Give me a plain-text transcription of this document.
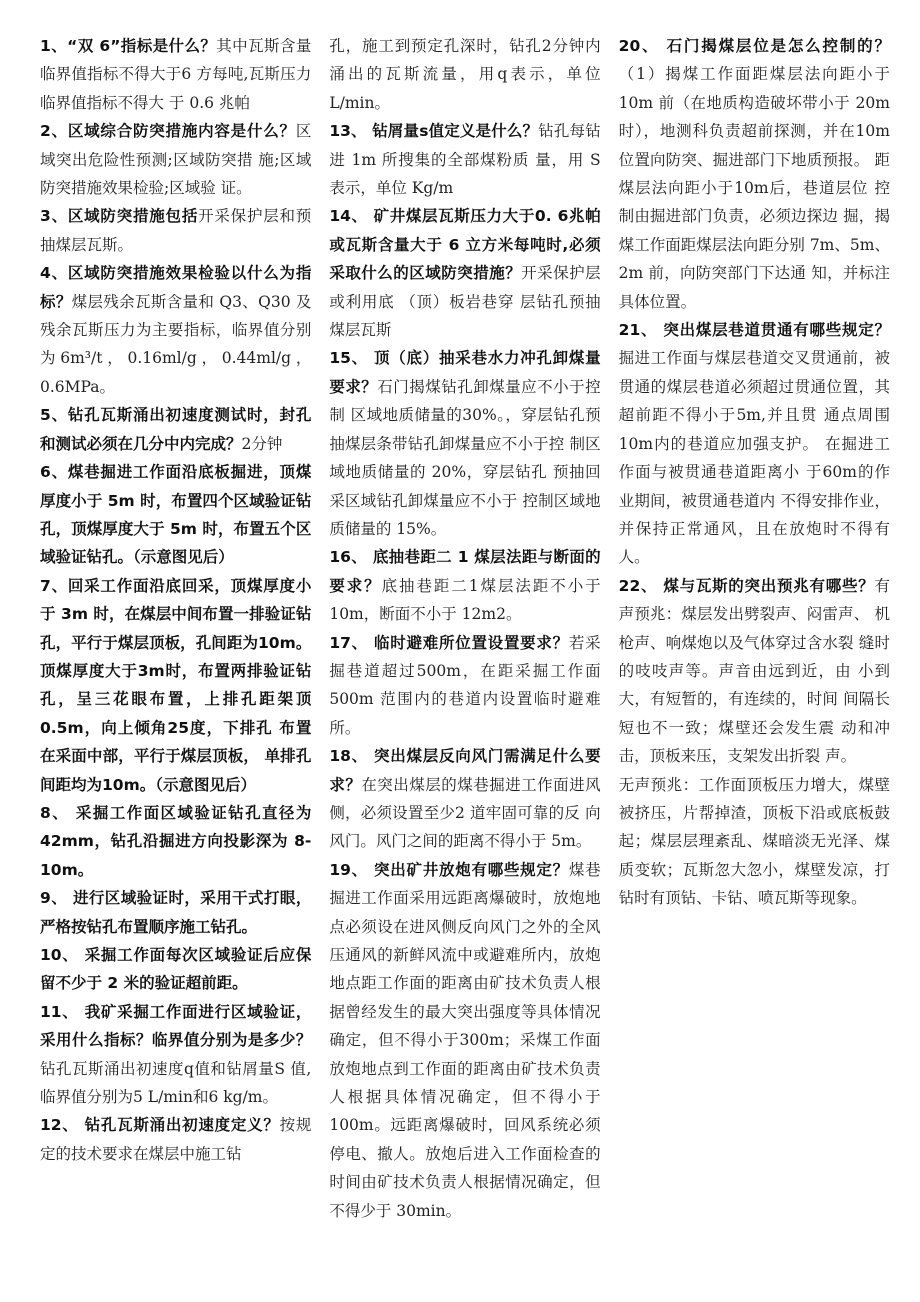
1、“双 6”指标是什么？其中瓦斯含量临界值指标不得大于6 方每吨,瓦斯压力临界值指标不得大 于 0.6 兆帕
2、区域综合防突措施内容是什么？区域突出危险性预测;区域防突措 施;区域防突措施效果检验;区域验 证。
3、区域防突措施包括开采保护层和预抽煤层瓦斯。
4、区域防突措施效果检验以什么为指标？煤层残余瓦斯含量和 Q3、Q30 及残余瓦斯压力为主要指标，临界值分别为6m³/t，0.16ml/g，0.44ml/g，0.6MPa。
5、钻孔瓦斯涌出初速度测试时，封孔和测试必须在几分中内完成？2分钟
6、煤巷掘进工作面沿底板掘进，顶煤厚度小于 5m 时，布置四个区域验证钻孔，顶煤厚度大于 5m 时，布置五个区域验证钻孔。（示意图见后）
7、回采工作面沿底回采，顶煤厚度小于 3m 时，在煤层中间布置一排验证钻孔，平行于煤层顶板，孔间距为10m。顶煤厚度大于3m时，布置两排验证钻孔，呈三花眼布置，上排孔距架顶0.5m，向上倾角25度，下排孔 布置在采面中部，平行于煤层顶板， 单排孔间距均为10m。（示意图见后）
8、 采掘工作面区域验证钻孔直径为42mm，钻孔沿掘进方向投影深为 8-10m。
9、 进行区域验证时，采用干式打眼，严格按钻孔布置顺序施工钻孔。
10、 采掘工作面每次区域验证后应保 留不少于 2 米的验证超前距。
11、 我矿采掘工作面进行区域验证，采用什么指标？临界值分别为是多少？钻孔瓦斯涌出初速度q值和钻屑量S 值,临界值分别为5 L/min和6 kg/m。
12、 钻孔瓦斯涌出初速度定义？按规定的技术要求在煤层中施工钻
孔，施工到预定孔深时，钻孔2分钟内涌出的瓦斯流量，用q表示，单位L/min。
13、 钻屑量s值定义是什么？钻孔每钻进 1m 所搜集的全部煤粉质 量，用 S 表示，单位 Kg/m
14、 矿井煤层瓦斯压力大于0. 6兆帕或瓦斯含量大于 6 立方米每吨时,必须采取什么的区域防突措施？开采保护层或利用底 （顶）板岩巷穿 层钻孔预抽煤层瓦斯
15、 顶（底）抽采巷水力冲孔卸煤量要求？石门揭煤钻孔卸煤量应不小于控制 区域地质储量的30%。，穿层钻孔预 抽煤层条带钻孔卸煤量应不小于控 制区域地质储量的 20%，穿层钻孔 预抽回采区域钻孔卸煤量应不小于 控制区域地质储量的 15%。
16、 底抽巷距二 1 煤层法距与断面的 要求？底抽巷距二1煤层法距不小于10m，断面不小于 12m2。
17、 临时避难所位置设置要求？若采掘巷道超过500m，在距采掘工作面 500m 范围内的巷道内设置临时避难所。
18、 突出煤层反向风门需满足什么要求？在突出煤层的煤巷掘进工作面进风 侧，必须设置至少2 道牢固可靠的反 向风门。风门之间的距离不得小于 5m。
19、 突出矿井放炮有哪些规定？煤巷掘进工作面采用远距离爆破时，放炮地点必须设在进风侧反向风门之外的全风压通风的新鲜风流中或避难所内，放炮地点距工作面的距离由矿技术负责人根据曾经发生的最大突出强度等具体情况确定，但不得小于300m；采煤工作面放炮地点到工作面的距离由矿技术负责人根据具体情况确定，但不得小于 100m。远距离爆破时，回风系统必须停电、撤人。放炮后进入工作面检查的时间由矿技术负责人根据情况确定，但不得少于 30min。
20、 石门揭煤层位是怎么控制的？（1）揭煤工作面距煤层法向距小于10m 前（在地质构造破坏带小于 20m 时），地测科负责超前探测，并在10m 位置向防突、掘进部门下地质预报。 距煤层法向距小于10m后，巷道层位 控制由掘进部门负责，必须边探边 掘，揭煤工作面距煤层法向距分别 7m、5m、2m 前，向防突部门下达通 知，并标注具体位置。
21、 突出煤层巷道贯通有哪些规定？掘进工作面与煤层巷道交叉贯通前，被贯通的煤层巷道必须超过贯通位置，其超前距不得小于5m,并且贯 通点周围10m内的巷道应加强支护。 在掘进工作面与被贯通巷道距离小 于60m的作业期间，被贯通巷道内 不得安排作业，并保持正常通风，且在放炮时不得有人。
22、 煤与瓦斯的突出预兆有哪些？有声预兆：煤层发出劈裂声、闷雷声、 机枪声、响煤炮以及气体穿过含水裂 缝时的吱吱声等。声音由远到近，由 小到大，有短暂的，有连续的，时间 间隔长短也不一致；煤壁还会发生震 动和冲击，顶板来压，支架发出折裂 声。
无声预兆：工作面顶板压力增大，煤壁被挤压，片帮掉渣，顶板下沿或底板鼓起；煤层层理紊乱、煤暗淡无光泽、煤质变软；瓦斯忽大忽小，煤壁发凉，打钻时有顶钻、卡钻、喷瓦斯等现象。
